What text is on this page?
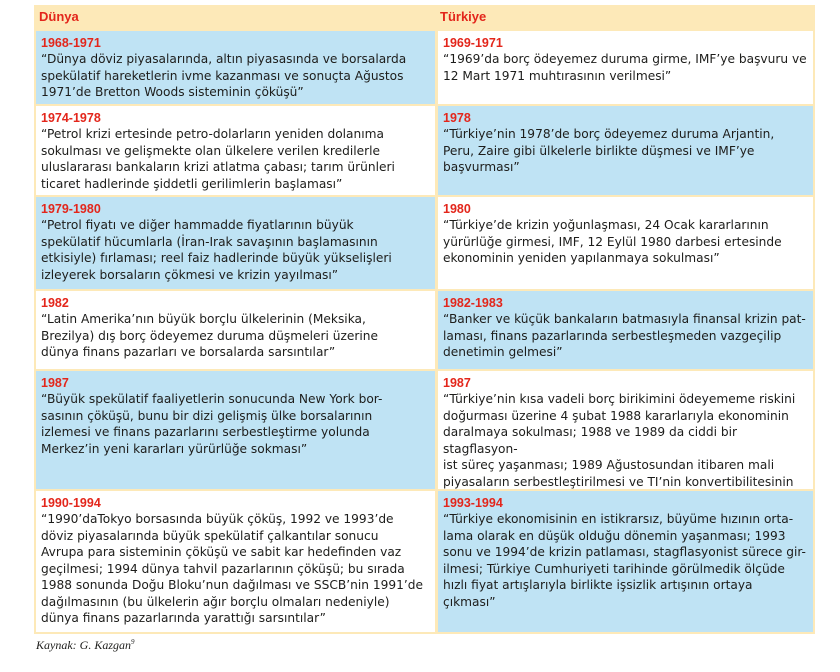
Dünya	Türkiye
1968-1971
“Dünya döviz piyasalarında, altın piyasasında ve borsalarda
spekülatif hareketlerin ivme kazanması ve sonuçta Ağustos
1971’de Bretton Woods sisteminin çöküşü”
1969-1971
“1969’da borç ödeyemez duruma girme, IMF’ye başvuru ve
12 Mart 1971 muhtırasının verilmesi”
1974-1978
“Petrol krizi ertesinde petro-dolarların yeniden dolanıma
sokulması ve gelişmekte olan ülkelere verilen kredilerle
uluslararası bankaların krizi atlatma çabası; tarım ürünleri
ticaret hadlerinde şiddetli gerilimlerin başlaması”
1978
“Türkiye’nin 1978’de borç ödeyemez duruma Arjantin,
Peru, Zaire gibi ülkelerle birlikte düşmesi ve IMF’ye
başvurması”
1979-1980
“Petrol fiyatı ve diğer hammadde fiyatlarının büyük
spekülatif hücumlarla (İran-Irak savaşının başlamasının
etkisiyle) fırlaması; reel faiz hadlerinde büyük yükselişleri
izleyerek borsaların çökmesi ve krizin yayılması”
1980
“Türkiye’de krizin yoğunlaşması, 24 Ocak kararlarının
yürürlüğe girmesi, IMF, 12 Eylül 1980 darbesi ertesinde
ekonominin yeniden yapılanmaya sokulması”
1982
“Latin Amerika’nın büyük borçlu ülkelerinin (Meksika,
Brezilya) dış borç ödeyemez duruma düşmeleri üzerine
dünya finans pazarları ve borsalarda sarsıntılar”
1982-1983
“Banker ve küçük bankaların batmasıyla finansal krizin pat-
laması, finans pazarlarında serbestleşmeden vazgeçilip
denetimin gelmesi”
1987
“Büyük spekülatif faaliyetlerin sonucunda New York bor-
sasının çöküşü, bunu bir dizi gelişmiş ülke borsalarının
izlemesi ve finans pazarlarını serbestleştirme yolunda
Merkez’in yeni kararları yürürlüğe sokması”
1987
“Türkiye’nin kısa vadeli borç birikimini ödeyememe riskini
doğurması üzerine 4 şubat 1988 kararlarıyla ekonominin
daralmaya sokulması; 1988 ve 1989 da ciddi bir stagflasyon-
ist süreç yaşanması; 1989 Ağustosundan itibaren mali
piyasaların serbestleştirilmesi ve TI’nin konvertibilitesinin

1990-1994
“1990’daTokyo borsasında büyük çöküş, 1992 ve 1993’de
döviz piyasalarında büyük spekülatif çalkantılar sonucu
Avrupa para sisteminin çöküşü ve sabit kar hedefinden vaz
geçilmesi; 1994 dünya tahvil pazarlarının çöküşü; bu sırada
1988 sonunda Doğu Bloku’nun dağılması ve SSCB’nin 1991’de
dağılmasının (bu ülkelerin ağır borçlu olmaları nedeniyle)
dünya finans pazarlarında yarattığı sarsıntılar”
1993-1994
“Türkiye ekonomisinin en istikrarsız, büyüme hızının orta-
lama olarak en düşük olduğu dönemin yaşanması; 1993
sonu ve 1994’de krizin patlaması, stagflasyonist sürece gir-
ilmesi; Türkiye Cumhuriyeti tarihinde görülmedik ölçüde
hızlı fiyat artışlarıyla birlikte işsizlik artışının ortaya çıkması”
Kaynak: G. Kazgan$^9$
